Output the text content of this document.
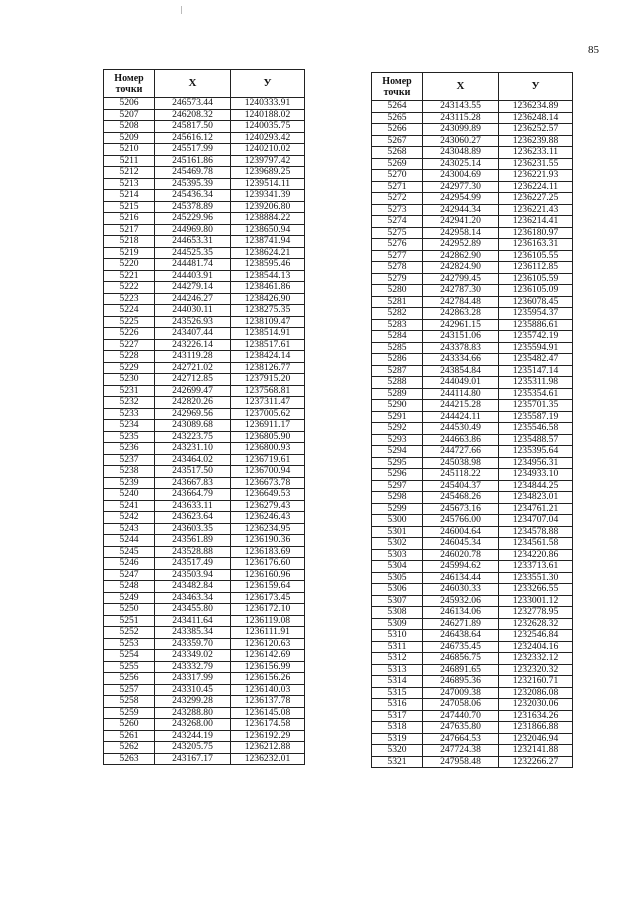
85
Номер
точки	X	У
5206	246573.44	1240333.91
5207	246208.32	1240188.02
5208	245817.50	1240035.75
5209	245616.12	1240293.42
5210	245517.99	1240210.02
5211	245161.86	1239797.42
5212	245469.78	1239689.25
5213	245395.39	1239514.11
5214	245436.34	1239341.39
5215	245378.89	1239206.80
5216	245229.96	1238884.22
5217	244969.80	1238650.94
5218	244653.31	1238741.94
5219	244525.35	1238624.21
5220	244481.74	1238595.46
5221	244403.91	1238544.13
5222	244279.14	1238461.86
5223	244246.27	1238426.90
5224	244030.11	1238275.35
5225	243526.93	1238109.47
5226	243407.44	1238514.91
5227	243226.14	1238517.61
5228	243119.28	1238424.14
5229	242721.02	1238126.77
5230	242712.85	1237915.20
5231	242699.47	1237568.81
5232	242820.26	1237311.47
5233	242969.56	1237005.62
5234	243089.68	1236911.17
5235	243223.75	1236805.90
5236	243231.10	1236800.93
5237	243464.02	1236719.61
5238	243517.50	1236700.94
5239	243667.83	1236673.78
5240	243664.79	1236649.53
5241	243633.11	1236279.43
5242	243623.64	1236246.43
5243	243603.35	1236234.95
5244	243561.89	1236190.36
5245	243528.88	1236183.69
5246	243517.49	1236176.60
5247	243503.94	1236160.96
5248	243482.84	1236159.64
5249	243463.34	1236173.45
5250	243455.80	1236172.10
5251	243411.64	1236119.08
5252	243385.34	1236111.91
5253	243359.70	1236120.63
5254	243349.02	1236142.69
5255	243332.79	1236156.99
5256	243317.99	1236156.26
5257	243310.45	1236140.03
5258	243299.28	1236137.78
5259	243288.80	1236145.08
5260	243268.00	1236174.58
5261	243244.19	1236192.29
5262	243205.75	1236212.88
5263	243167.17	1236232.01
Номер
точки	X	У
5264	243143.55	1236234.89
5265	243115.28	1236248.14
5266	243099.89	1236252.57
5267	243060.27	1236239.88
5268	243048.89	1236233.11
5269	243025.14	1236231.55
5270	243004.69	1236221.93
5271	242977.30	1236224.11
5272	242954.99	1236227.25
5273	242944.34	1236221.43
5274	242941.20	1236214.41
5275	242958.14	1236180.97
5276	242952.89	1236163.31
5277	242862.90	1236105.55
5278	242824.90	1236112.85
5279	242799.45	1236105.59
5280	242787.30	1236105.09
5281	242784.48	1236078.45
5282	242863.28	1235954.37
5283	242961.15	1235886.61
5284	243151.06	1235742.19
5285	243378.83	1235594.91
5286	243334.66	1235482.47
5287	243854.84	1235147.14
5288	244049.01	1235311.98
5289	244114.80	1235354.61
5290	244215.28	1235701.35
5291	244424.11	1235587.19
5292	244530.49	1235546.58
5293	244663.86	1235488.57
5294	244727.66	1235395.64
5295	245038.98	1234956.31
5296	245118.22	1234933.10
5297	245404.37	1234844.25
5298	245468.26	1234823.01
5299	245673.16	1234761.21
5300	245766.00	1234707.04
5301	246004.64	1234578.88
5302	246045.34	1234561.58
5303	246020.78	1234220.86
5304	245994.62	1233713.61
5305	246134.44	1233551.30
5306	246030.33	1233266.55
5307	245932.06	1233001.12
5308	246134.06	1232778.95
5309	246271.89	1232628.32
5310	246438.64	1232546.84
5311	246735.45	1232404.16
5312	246856.75	1232332.12
5313	246891.65	1232320.32
5314	246895.36	1232160.71
5315	247009.38	1232086.08
5316	247058.06	1232030.06
5317	247440.70	1231634.26
5318	247635.80	1231866.88
5319	247664.53	1232046.94
5320	247724.38	1232141.88
5321	247958.48	1232266.27
